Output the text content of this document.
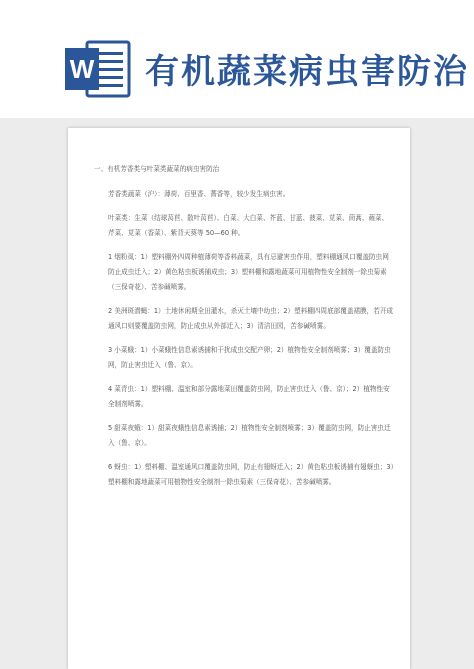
W 有机蔬菜病虫害防治

一、有机芳香类与叶菜类蔬菜的病虫害防治

芳香类蔬菜（沪）：薄荷、百里香、薔香等，较少发生病虫害。

叶菜类：生菜（结球莴苣、散叶莴苣）、白菜、大白菜、芥蓝、甘蓝、菠菜、苋菜、茼蒿、蕹菜、芹菜、苋菜（香菜）、紫背天葵等 50—60 种。

1 烟粉虱：1）塑料棚外四周种植薄荷等香料蔬菜，具有忌避害虫作用，塑料棚通风口覆盖防虫网防止成虫迁入；2）黄色粘虫板诱捕成虫；3）塑料棚和露地蔬菜可用植物性安全制剂一除虫菊素（三保奇花）、苦参碱喷雾。

2 美洲斑潜蝇：1）土地休闲期全田灌水，杀灭土壤中幼虫；2）塑料棚四周底部覆盖裙膜，若开成通风口则要覆盖防虫网，防止成虫从外部迁入；3）清洁田园，苦参碱喷雾。

3 小菜蛾：1）小菜蛾性信息素诱捕和干扰成虫交配产卵；2）植物性安全制剂喷雾；3）覆盖防虫网，防止害虫迁入（鲁、京）。

4 菜青虫：1）塑料棚、温室和部分露地菜田覆盖防虫网，防止害虫迁入（鲁、京）；2）植物性安全制剂喷雾。

5 甜菜夜蛾：1）甜菜夜蛾性信息素诱捕；2）植物性安全制剂喷雾；3）覆盖防虫网，防止害虫迁入（鲁、京）。

6 蚜虫：1）塑料棚、温室通风口覆盖防虫网，防止有翅蚜迁入；2）黄色粘虫板诱捕有翅蚜虫；3）塑料棚和露地蔬菜可用植物性安全制剂一除虫菊素（三保奇花）、苦参碱喷雾。
